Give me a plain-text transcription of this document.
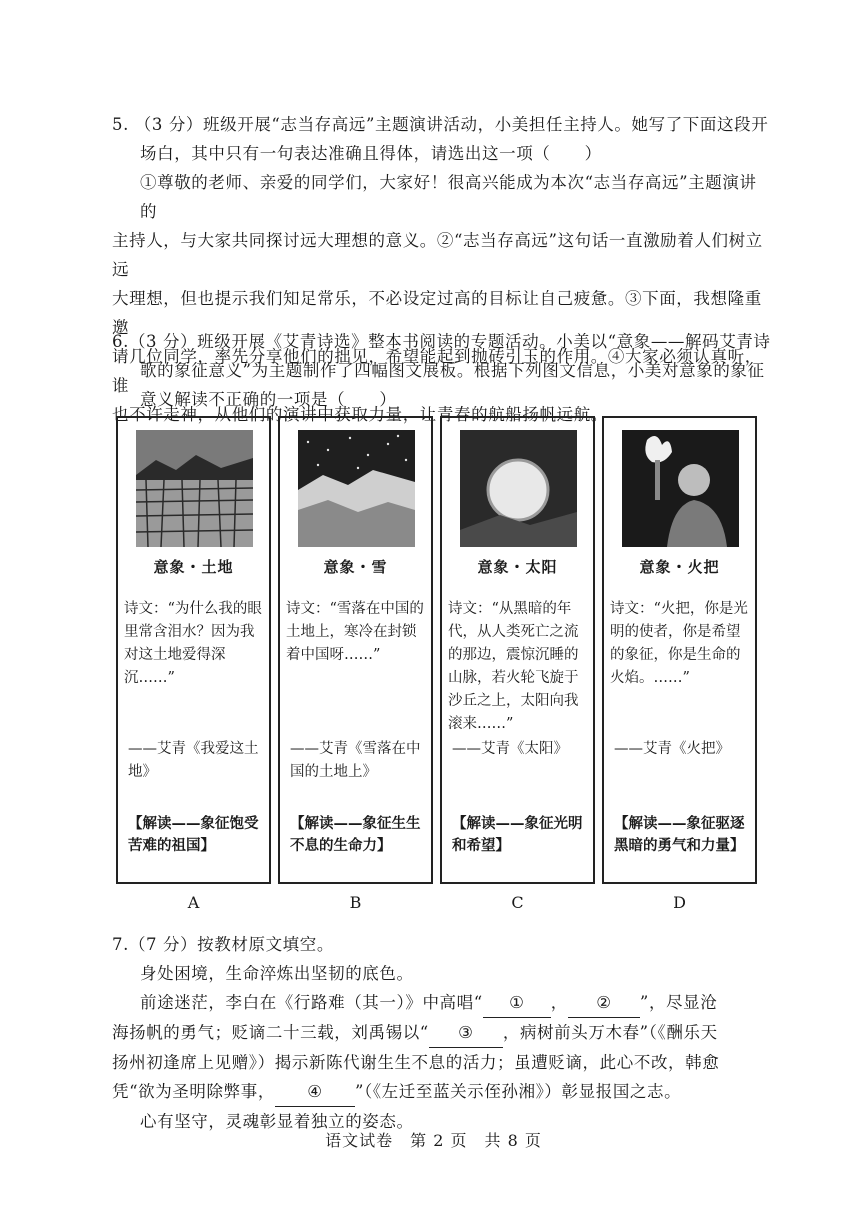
5. （3 分）班级开展“志当存高远”主题演讲活动，小美担任主持人。她写了下面这段开

场白，其中只有一句表达准确且得体，请选出这一项（　　）

①尊敬的老师、亲爱的同学们，大家好！很高兴能成为本次“志当存高远”主题演讲的

主持人，与大家共同探讨远大理想的意义。②“志当存高远”这句话一直激励着人们树立远

大理想，但也提示我们知足常乐，不必设定过高的目标让自己疲惫。③下面，我想隆重邀

请几位同学，率先分享他们的拙见，希望能起到抛砖引玉的作用。④大家必须认真听，谁

也不许走神，从他们的演讲中获取力量，让青春的航船扬帆远航。

6.（3 分）班级开展《艾青诗选》整本书阅读的专题活动。小美以“意象——解码艾青诗

歌的象征意义”为主题制作了四幅图文展板。根据下列图文信息，小美对意象的象征

意义解读不正确的一项是（　　）

意象・土地
诗文：“为什么我的眼里常含泪水？因为我对这土地爱得深沉……”
——艾青《我爱这土地》
【解读——象征饱受苦难的祖国】
意象・雪
诗文：“雪落在中国的土地上，寒冷在封锁着中国呀……”
——艾青《雪落在中国的土地上》
【解读——象征生生不息的生命力】
意象・太阳
诗文：“从黑暗的年代，从人类死亡之流的那边，震惊沉睡的山脉，若火轮飞旋于沙丘之上，太阳向我滚来……”
——艾青《太阳》
【解读——象征光明和希望】
意象・火把
诗文：“火把，你是光明的使者，你是希望的象征，你是生命的火焰。……”
——艾青《火把》
【解读——象征驱逐黑暗的勇气和力量】
A	B	C	D

7.（7 分）按教材原文填空。

身处困境，生命淬炼出坚韧的底色。

前途迷茫，李白在《行路难（其一）》中高唱“ ① ， ② ”，尽显沧

海扬帆的勇气；贬谪二十三载，刘禹锡以“ ③ ，病树前头万木春”（《酬乐天

扬州初逢席上见赠》）揭示新陈代谢生生不息的活力；虽遭贬谪，此心不改，韩愈

凭“欲为圣明除弊事， ④ ”（《左迁至蓝关示侄孙湘》）彰显报国之志。

心有坚守，灵魂彰显着独立的姿态。

语文试卷　第 2 页　共 8 页
